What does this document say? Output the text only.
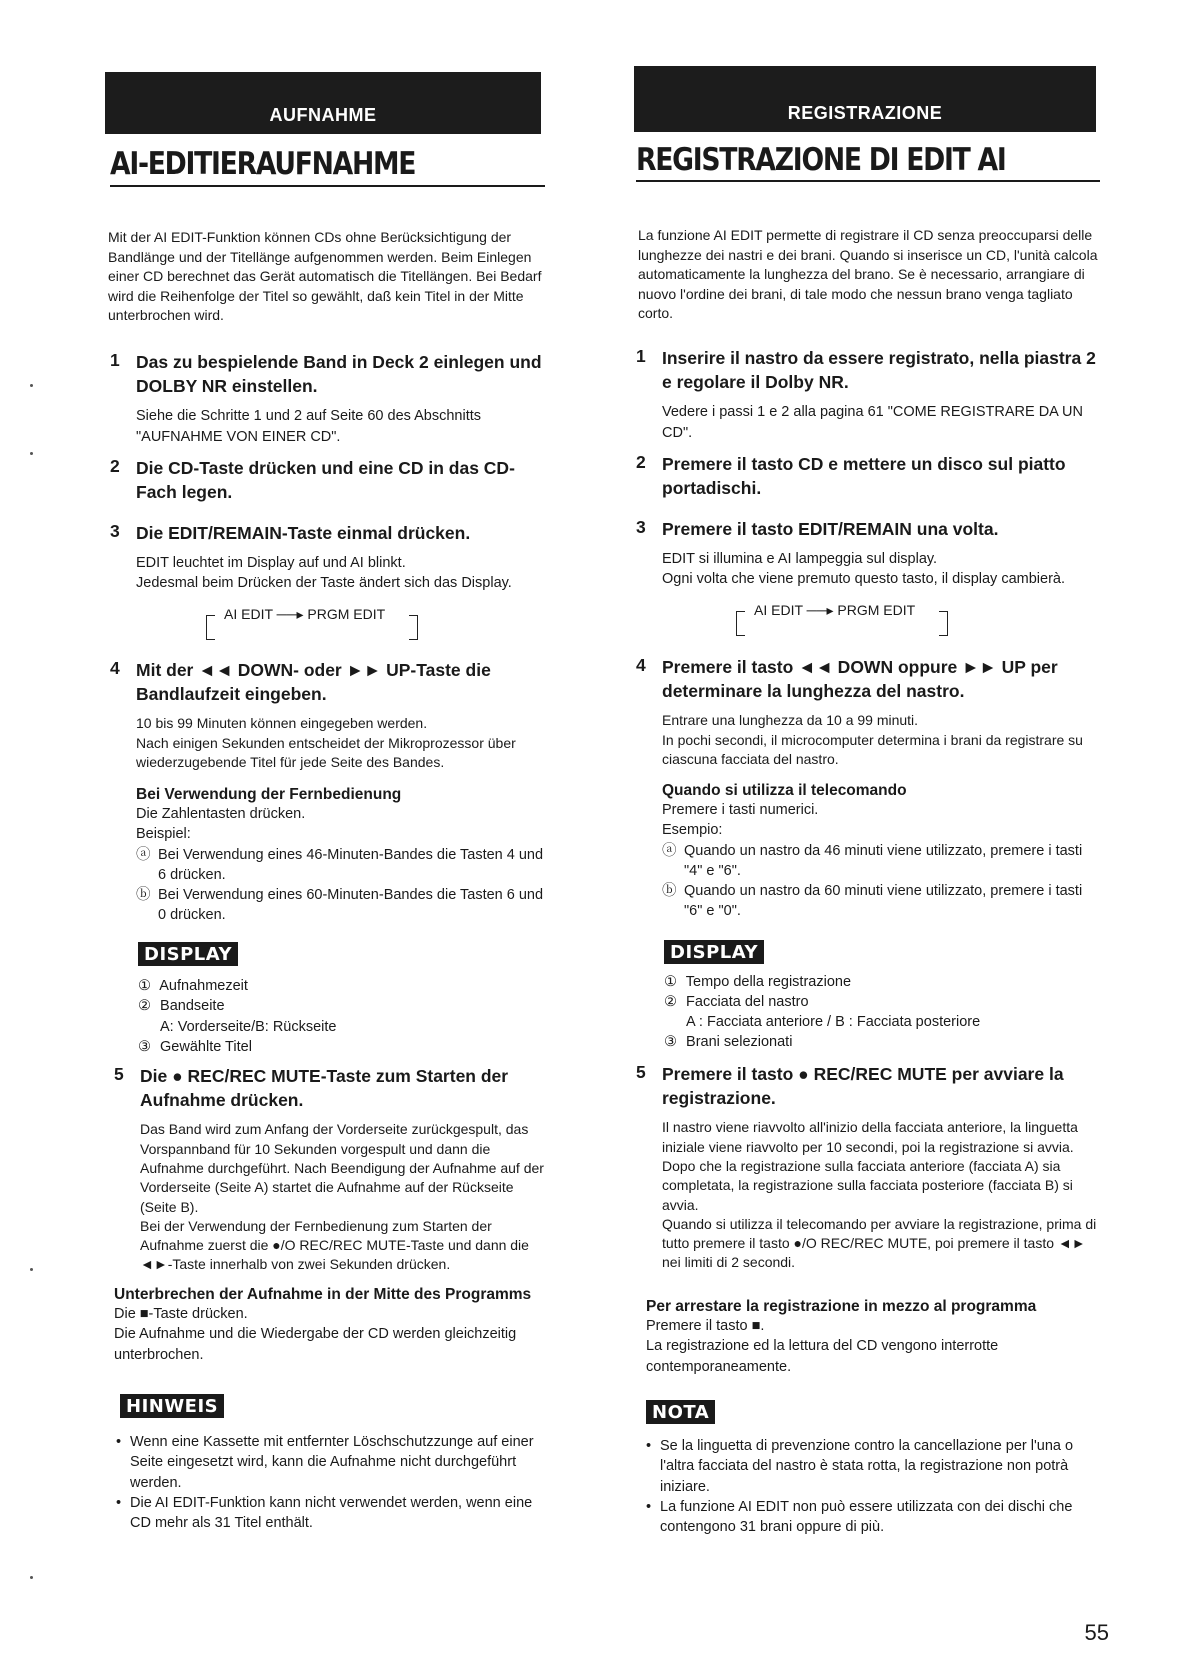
AUFNAHME
AI-EDITIERAUFNAHME
Mit der AI EDIT-Funktion können CDs ohne Berücksichtigung der Bandlänge und der Titellänge aufgenommen werden. Beim Einlegen einer CD berechnet das Gerät automatisch die Titellängen. Bei Bedarf wird die Reihenfolge der Titel so gewählt, daß kein Titel in der Mitte unterbrochen wird.
1 Das zu bespielende Band in Deck 2 einlegen und DOLBY NR einstellen.
Siehe die Schritte 1 und 2 auf Seite 60 des Abschnitts "AUFNAHME VON EINER CD".
2 Die CD-Taste drücken und eine CD in das CD-Fach legen.
3 Die EDIT/REMAIN-Taste einmal drücken.
EDIT leuchtet im Display auf und AI blinkt.
Jedesmal beim Drücken der Taste ändert sich das Display.
AI EDIT ──▸ PRGM EDIT
4 Mit der ◄◄ DOWN- oder ►► UP-Taste die Bandlaufzeit eingeben.
10 bis 99 Minuten können eingegeben werden.
Nach einigen Sekunden entscheidet der Mikroprozessor über wiederzugebende Titel für jede Seite des Bandes.
Bei Verwendung der Fernbedienung
Die Zahlentasten drücken.
Beispiel:
ⓐ Bei Verwendung eines 46-Minuten-Bandes die Tasten 4 und 6 drücken.
ⓑ Bei Verwendung eines 60-Minuten-Bandes die Tasten 6 und 0 drücken.
DISPLAY
① Aufnahmezeit
② Bandseite
A: Vorderseite/B: Rückseite
③ Gewählte Titel
5 Die ● REC/REC MUTE-Taste zum Starten der Aufnahme drücken.
Das Band wird zum Anfang der Vorderseite zurückgespult, das Vorspannband für 10 Sekunden vorgespult und dann die Aufnahme durchgeführt. Nach Beendigung der Aufnahme auf der Vorderseite (Seite A) startet die Aufnahme auf der Rückseite (Seite B).
Bei der Verwendung der Fernbedienung zum Starten der Aufnahme zuerst die ●/O REC/REC MUTE-Taste und dann die ◄►-Taste innerhalb von zwei Sekunden drücken.
Unterbrechen der Aufnahme in der Mitte des Programms
Die ■-Taste drücken.
Die Aufnahme und die Wiedergabe der CD werden gleichzeitig unterbrochen.
HINWEIS
• Wenn eine Kassette mit entfernter Löschschutzzunge auf einer Seite eingesetzt wird, kann die Aufnahme nicht durchgeführt werden.
• Die AI EDIT-Funktion kann nicht verwendet werden, wenn eine CD mehr als 31 Titel enthält.
REGISTRAZIONE
REGISTRAZIONE DI EDIT AI
La funzione AI EDIT permette di registrare il CD senza preoccuparsi delle lunghezze dei nastri e dei brani. Quando si inserisce un CD, l'unità calcola automaticamente la lunghezza del brano. Se è necessario, arrangiare di nuovo l'ordine dei brani, di tale modo che nessun brano venga tagliato corto.
1 Inserire il nastro da essere registrato, nella piastra 2 e regolare il Dolby NR.
Vedere i passi 1 e 2 alla pagina 61 "COME REGISTRARE DA UN CD".
2 Premere il tasto CD e mettere un disco sul piatto portadischi.
3 Premere il tasto EDIT/REMAIN una volta.
EDIT si illumina e AI lampeggia sul display.
Ogni volta che viene premuto questo tasto, il display cambierà.
AI EDIT ──▸ PRGM EDIT
4 Premere il tasto ◄◄ DOWN oppure ►► UP per determinare la lunghezza del nastro.
Entrare una lunghezza da 10 a 99 minuti.
In pochi secondi, il microcomputer determina i brani da registrare su ciascuna facciata del nastro.
Quando si utilizza il telecomando
Premere i tasti numerici.
Esempio:
ⓐ Quando un nastro da 46 minuti viene utilizzato, premere i tasti "4" e "6".
ⓑ Quando un nastro da 60 minuti viene utilizzato, premere i tasti "6" e "0".
DISPLAY
① Tempo della registrazione
② Facciata del nastro
A : Facciata anteriore / B : Facciata posteriore
③ Brani selezionati
5 Premere il tasto ● REC/REC MUTE per avviare la registrazione.
Il nastro viene riavvolto all'inizio della facciata anteriore, la linguetta iniziale viene riavvolto per 10 secondi, poi la registrazione si avvia.
Dopo che la registrazione sulla facciata anteriore (facciata A) sia completata, la registrazione sulla facciata posteriore (facciata B) si avvia.
Quando si utilizza il telecomando per avviare la registrazione, prima di tutto premere il tasto ●/O REC/REC MUTE, poi premere il tasto ◄► nei limiti di 2 secondi.
Per arrestare la registrazione in mezzo al programma
Premere il tasto ■.
La registrazione ed la lettura del CD vengono interrotte contemporaneamente.
NOTA
• Se la linguetta di prevenzione contro la cancellazione per l'una o l'altra facciata del nastro è stata rotta, la registrazione non potrà iniziare.
• La funzione AI EDIT non può essere utilizzata con dei dischi che contengono 31 brani oppure di più.
55
